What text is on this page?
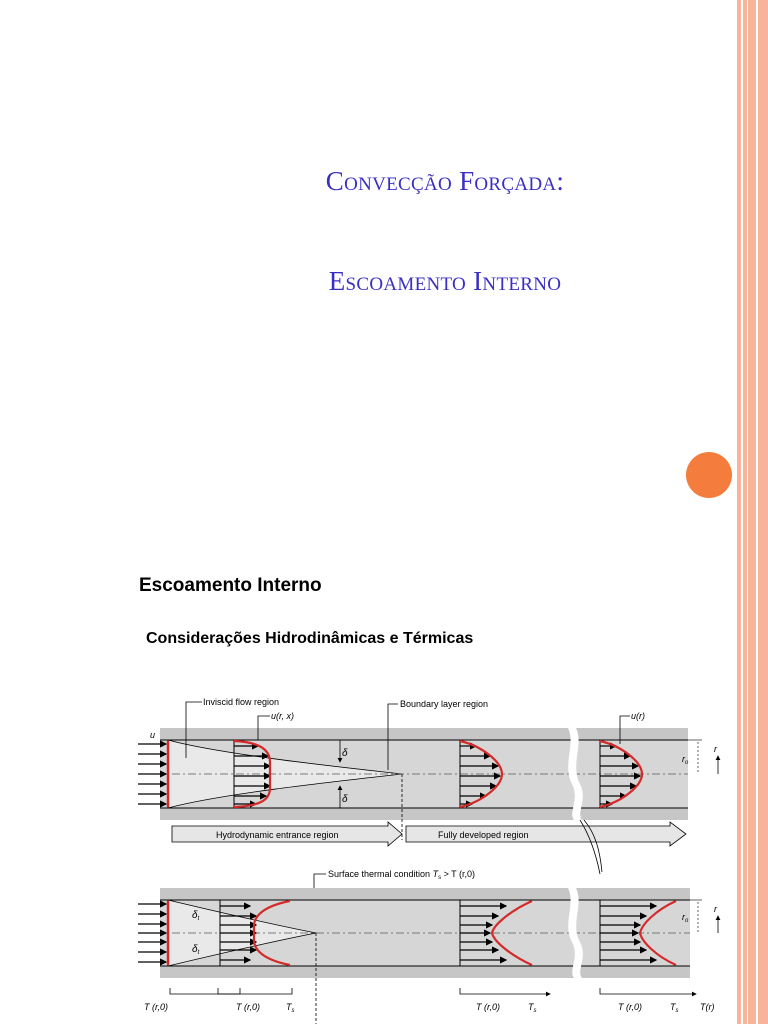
Convecção Forçada:
Escoamento Interno
Escoamento Interno
Considerações Hidrodinâmicas e Térmicas
δ
δ
u
Inviscid flow region
u(r, x)
Boundary layer region
u(r)
$r_o$
r
Hydrodynamic entrance region	Fully developed region
Surface thermal condition $T_s > T$ (r,0)
$\delta_t$
$\delta_t$
$r_o$
r
T (r,0)	T (r,0)	$T_s$	T (r,0)	$T_s$	T (r,0)	$T_s$ T(r)
